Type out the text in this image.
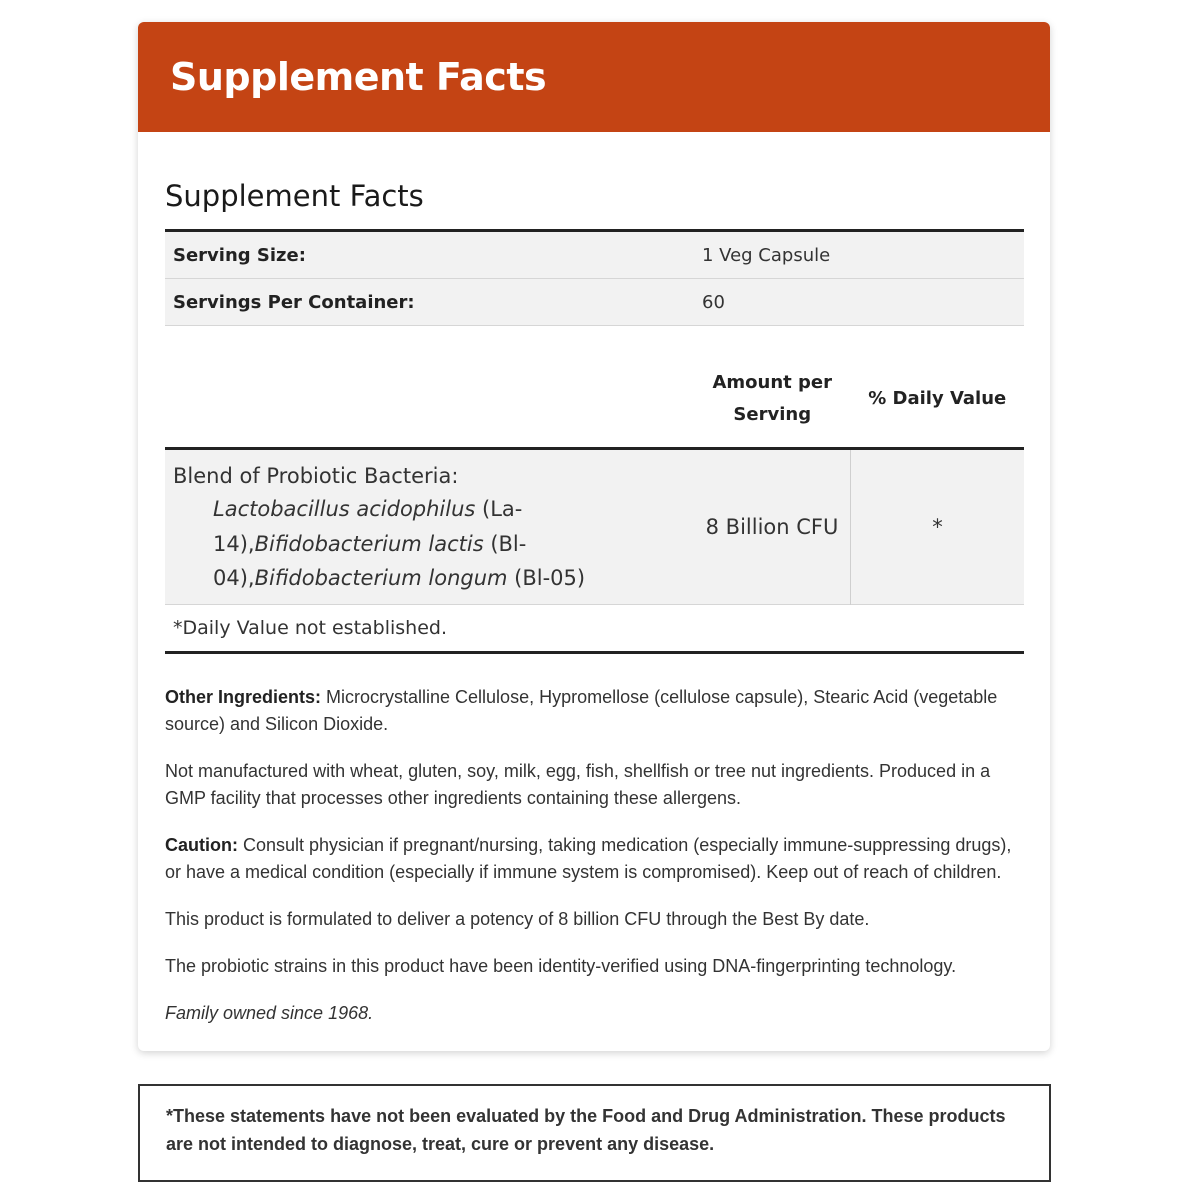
Supplement Facts
Supplement Facts
Serving Size:	1 Veg Capsule
Servings Per Container:	60
	Amount per Serving	% Daily Value

Blend of Probiotic Bacteria:
Lactobacillus acidophilus (La-14),Bifidobacterium lactis (Bl-04),Bifidobacterium longum (Bl-05)	8 Billion CFU	*
*Daily Value not established.		

Other Ingredients: Microcrystalline Cellulose, Hypromellose (cellulose capsule), Stearic Acid (vegetable source) and Silicon Dioxide.

Not manufactured with wheat, gluten, soy, milk, egg, fish, shellfish or tree nut ingredients. Produced in a GMP facility that processes other ingredients containing these allergens.

Caution: Consult physician if pregnant/nursing, taking medication (especially immune-suppressing drugs), or have a medical condition (especially if immune system is compromised). Keep out of reach of children.

This product is formulated to deliver a potency of 8 billion CFU through the Best By date.

The probiotic strains in this product have been identity-verified using DNA-fingerprinting technology.

Family owned since 1968.

*These statements have not been evaluated by the Food and Drug Administration. These products are not intended to diagnose, treat, cure or prevent any disease.
